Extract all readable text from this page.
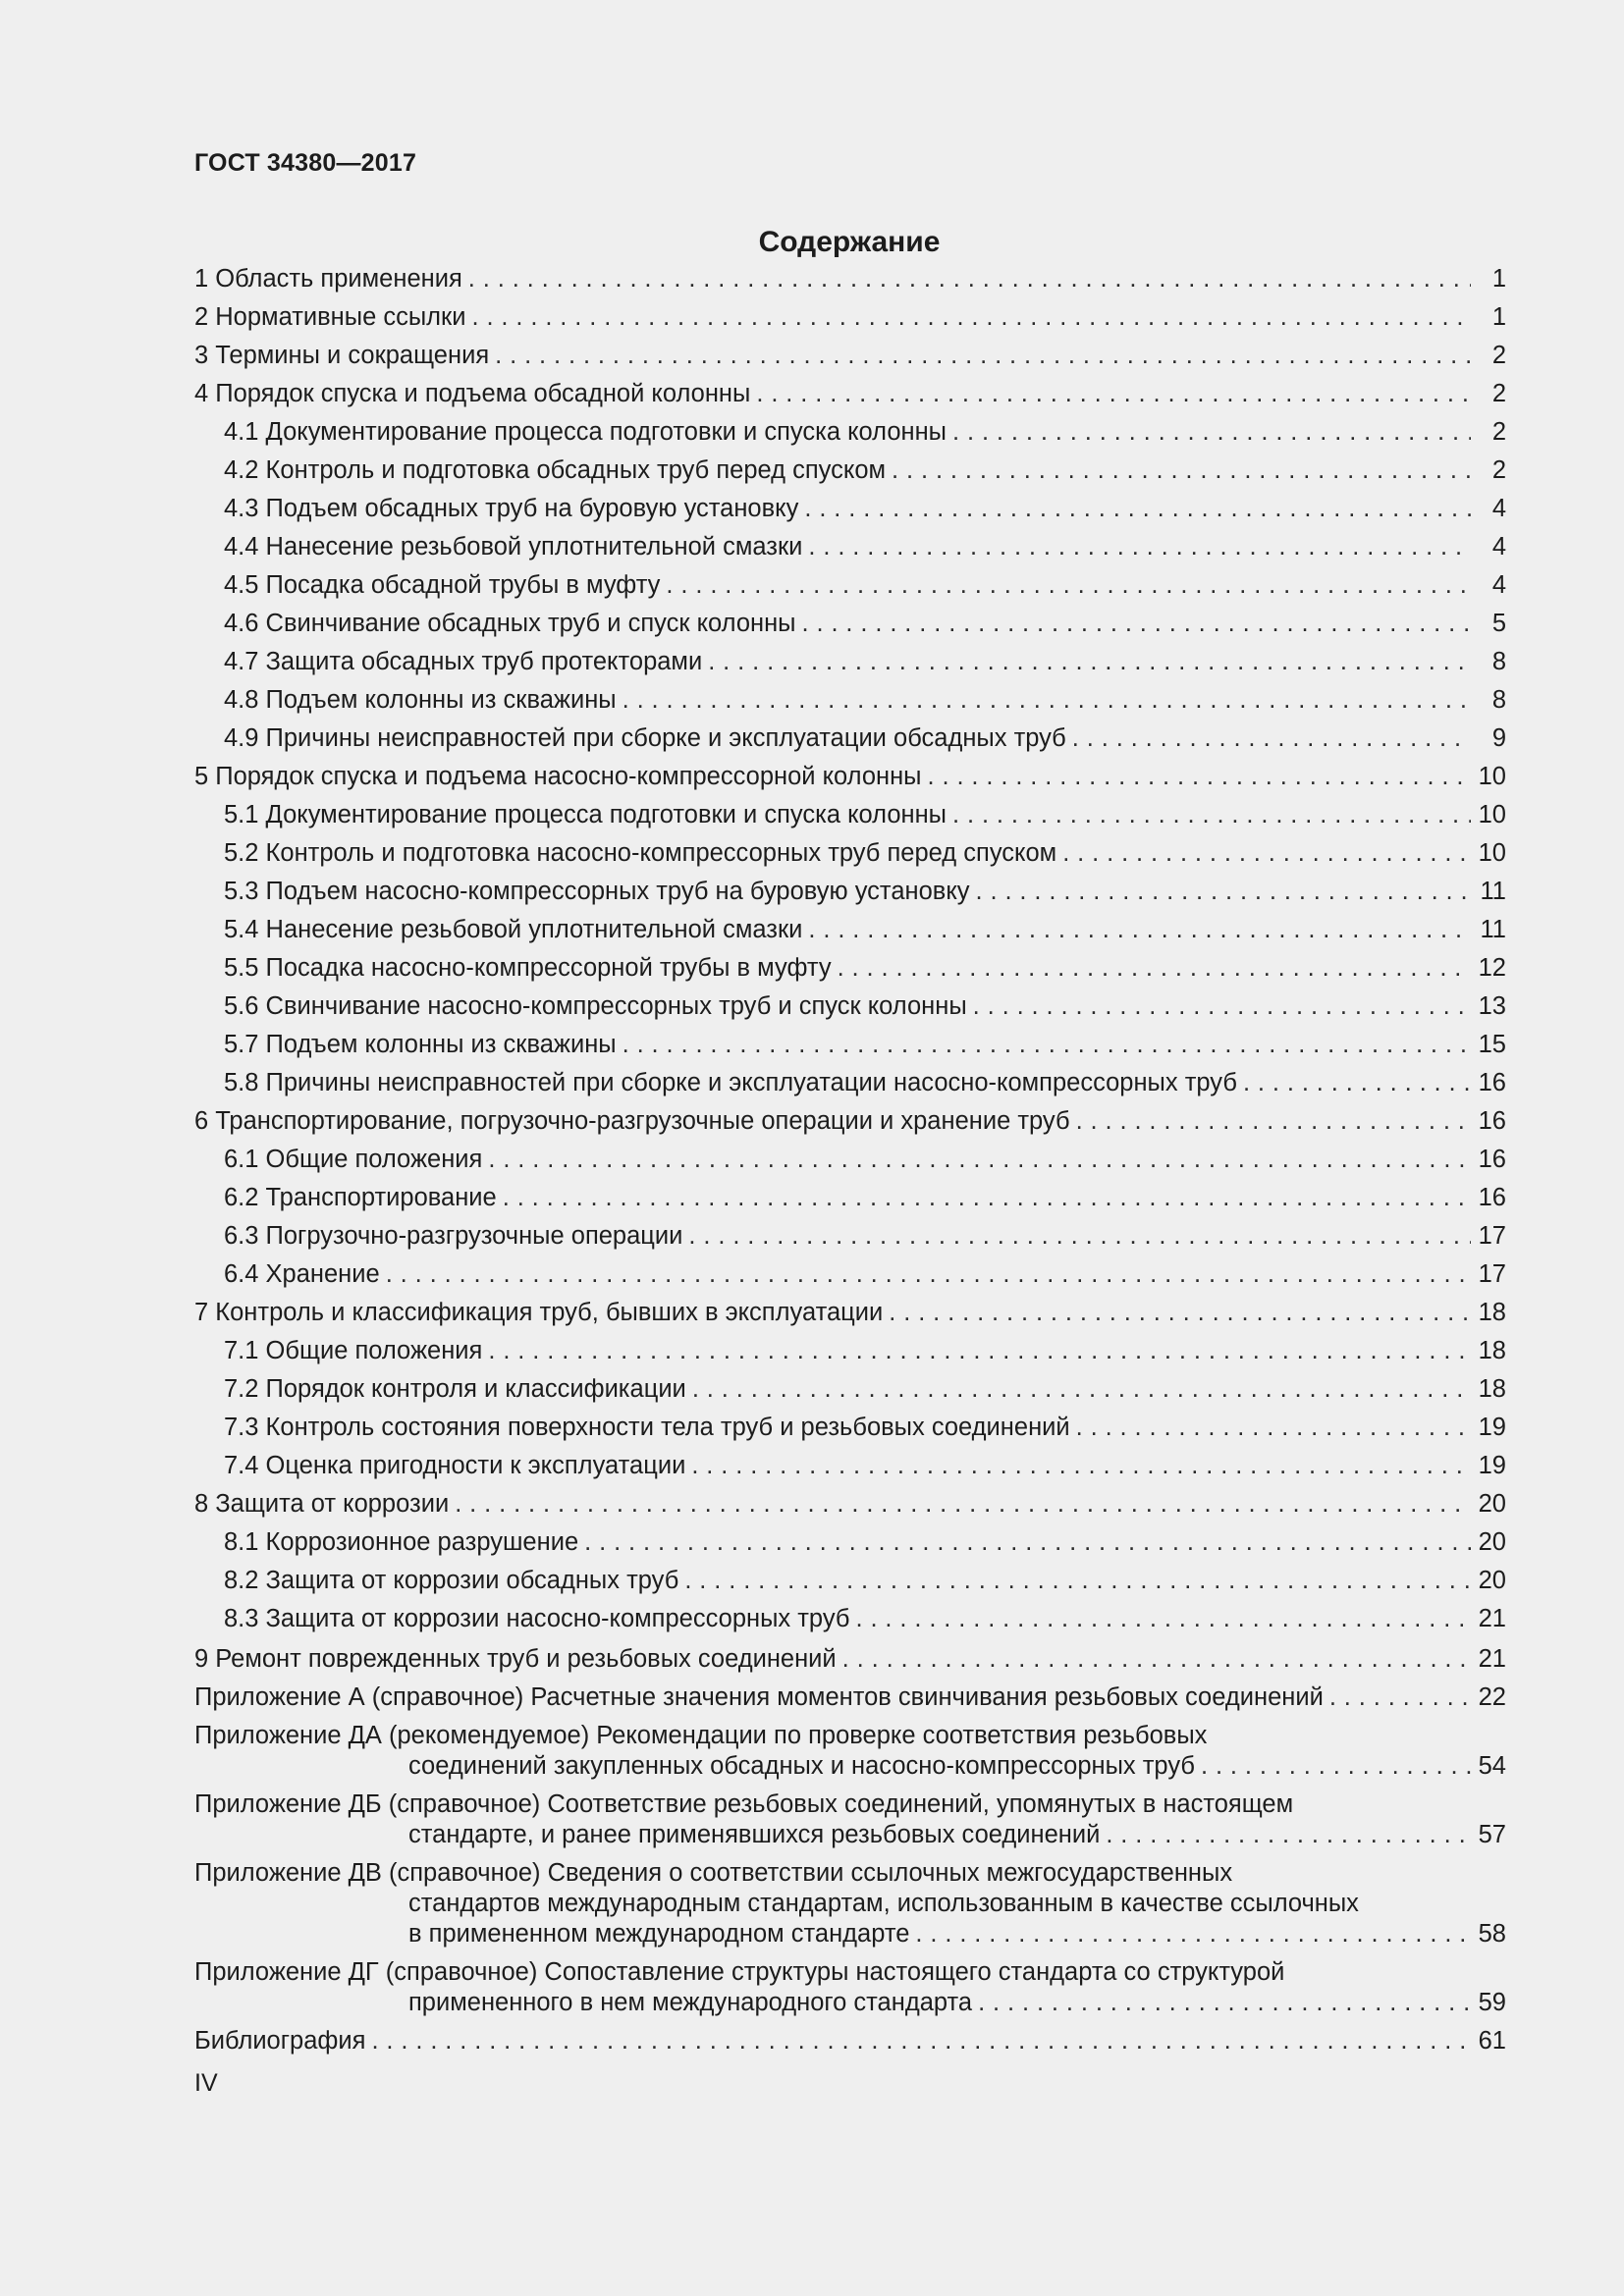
ГОСТ 34380—2017
Содержание
1 Область применения . . .	1
2 Нормативные ссылки . . .	1
3 Термины и сокращения . . .	2
4 Порядок спуска и подъема обсадной колонны . . .	2
4.1 Документирование процесса подготовки и спуска колонны . . .	2
4.2 Контроль и подготовка обсадных труб перед спуском . . .	2
4.3 Подъем обсадных труб на буровую установку . . .	4
4.4 Нанесение резьбовой уплотнительной смазки . . .	4
4.5 Посадка обсадной трубы в муфту . . .	4
4.6 Свинчивание обсадных труб и спуск колонны . . .	5
4.7 Защита обсадных труб протекторами . . .	8
4.8 Подъем колонны из скважины . . .	8
4.9 Причины неисправностей при сборке и эксплуатации обсадных труб . . .	9
5 Порядок спуска и подъема насосно-компрессорной колонны . . .	10
5.1 Документирование процесса подготовки и спуска колонны . . .	10
5.2 Контроль и подготовка насосно-компрессорных труб перед спуском . . .	10
5.3 Подъем насосно-компрессорных труб на буровую установку . . .	11
5.4 Нанесение резьбовой уплотнительной смазки . . .	11
5.5 Посадка насосно-компрессорной трубы в муфту . . .	12
5.6 Свинчивание насосно-компрессорных труб и спуск колонны . . .	13
5.7 Подъем колонны из скважины . . .	15
5.8 Причины неисправностей при сборке и эксплуатации насосно-компрессорных труб . . .	16
6 Транспортирование, погрузочно-разгрузочные операции и хранение труб . . .	16
6.1 Общие положения . . .	16
6.2 Транспортирование . . .	16
6.3 Погрузочно-разгрузочные операции . . .	17
6.4 Хранение . . .	17
7 Контроль и классификация труб, бывших в эксплуатации . . .	18
7.1 Общие положения . . .	18
7.2 Порядок контроля и классификации . . .	18
7.3 Контроль состояния поверхности тела труб и резьбовых соединений . . .	19
7.4 Оценка пригодности к эксплуатации . . .	19
8 Защита от коррозии . . .	20
8.1 Коррозионное разрушение . . .	20
8.2 Защита от коррозии обсадных труб . . .	20
8.3 Защита от коррозии насосно-компрессорных труб . . .	21
9 Ремонт поврежденных труб и резьбовых соединений . . .	21
Приложение А (справочное) Расчетные значения моментов свинчивания резьбовых соединений . . .	22
Приложение ДА (рекомендуемое) Рекомендации по проверке соответствия резьбовых
соединений закупленных обсадных и насосно-компрессорных труб . . .	54
Приложение ДБ (справочное) Соответствие резьбовых соединений, упомянутых в настоящем
стандарте, и ранее применявшихся резьбовых соединений . . .	57
Приложение ДВ (справочное) Сведения о соответствии ссылочных межгосударственных
стандартов международным стандартам, использованным в качестве ссылочных
в примененном международном стандарте . . .	58
Приложение ДГ (справочное) Сопоставление структуры настоящего стандарта со структурой
примененного в нем международного стандарта . . .	59
Библиография . . .	61
IV
